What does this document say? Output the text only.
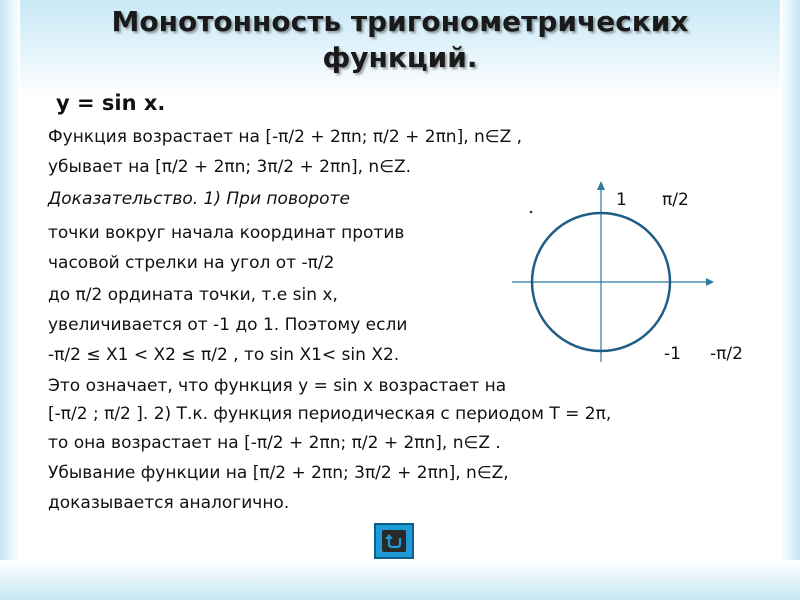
Монотонность тригонометрических
функций.
y = sin x.
Функция возрастает на [-π/2 + 2πn; π/2 + 2πn], n∈Z ,
убывает на [π/2 + 2πn; 3π/2 + 2πn], n∈Z.
Доказательство. 1) При повороте
точки вокруг начала координат против
часовой стрелки на угол от -π/2
до π/2 ордината точки, т.е sin x,
увеличивается от -1 до 1. Поэтому если
-π/2 ≤ X1 < X2 ≤ π/2 , то sin X1< sin X2.
Это означает, что функция y = sin x возрастает на
[-π/2 ; π/2 ]. 2) Т.к. функция периодическая с периодом T = 2π,
то она возрастает на [-π/2 + 2πn; π/2 + 2πn], n∈Z .
Убывание функции на [π/2 + 2πn; 3π/2 + 2πn], n∈Z,
доказывается аналогично.
1 π/2
-1 -π/2
